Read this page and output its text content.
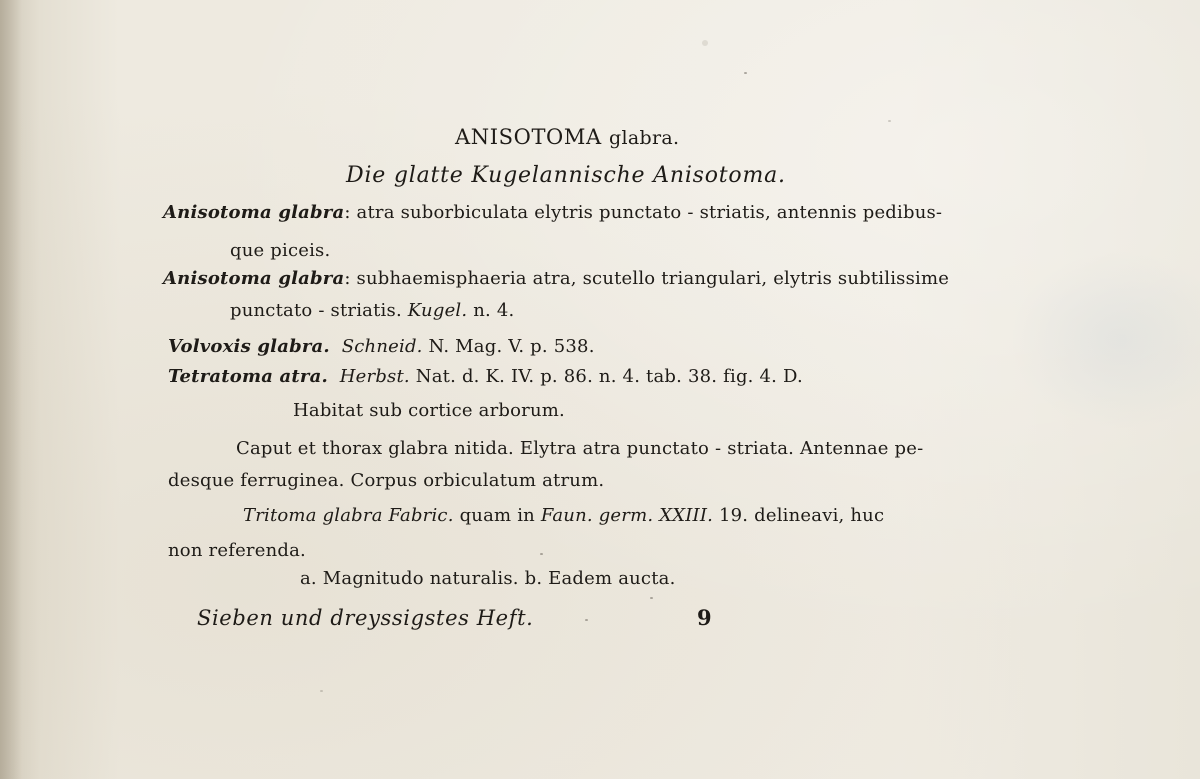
ANISOTOMA glabra.
Die glatte Kugelannische Anisotoma.
Anisotoma glabra: atra suborbiculata elytris punctato - striatis, antennis pedibus-
que piceis.
Anisotoma glabra: subhaemisphaeria atra, scutello triangulari, elytris subtilissime
punctato - striatis. Kugel. n. 4.
Volvoxis glabra. Schneid. N. Mag. V. p. 538.
Tetratoma atra. Herbst. Nat. d. K. IV. p. 86. n. 4. tab. 38. fig. 4. D.
Habitat sub cortice arborum.
Caput et thorax glabra nitida. Elytra atra punctato - striata. Antennae pe-
desque ferruginea. Corpus orbiculatum atrum.
Tritoma glabra Fabric. quam in Faun. germ. XXIII. 19. delineavi, huc
non referenda.
a. Magnitudo naturalis. b. Eadem aucta.
Sieben und dreyssigstes Heft.	9
